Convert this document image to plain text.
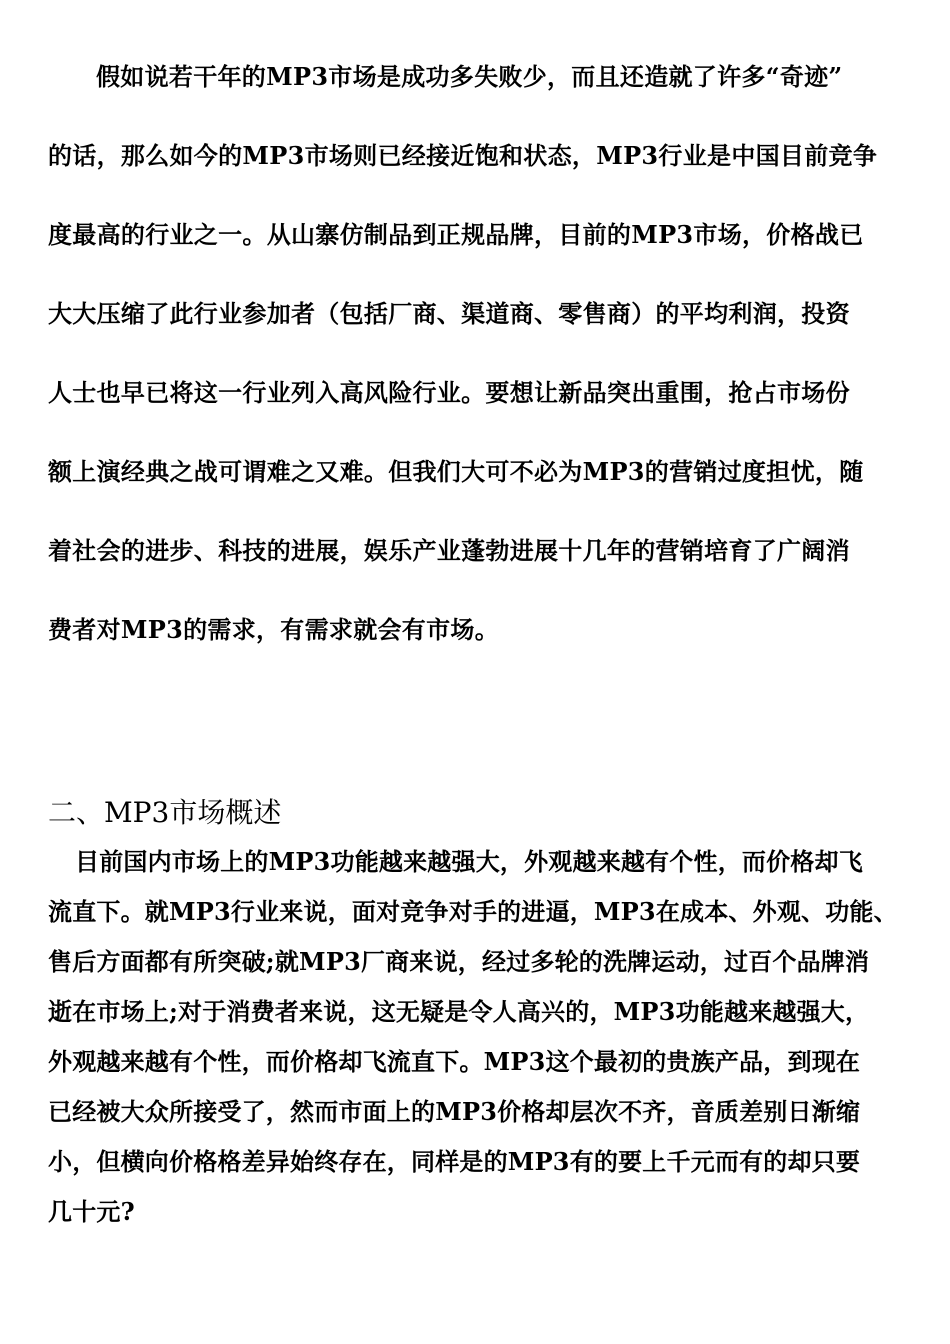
假如说若干年的MP3市场是成功多失败少，而且还造就了许多“奇迹”
的话，那么如今的MP3市场则已经接近饱和状态，MP3行业是中国目前竞争
度最高的行业之一。从山寨仿制品到正规品牌，目前的MP3市场，价格战已
大大压缩了此行业参加者（包括厂商、渠道商、零售商）的平均利润，投资
人士也早已将这一行业列入高风险行业。要想让新品突出重围，抢占市场份
额上演经典之战可谓难之又难。但我们大可不必为MP3的营销过度担忧，随
着社会的进步、科技的进展，娱乐产业蓬勃进展十几年的营销培育了广阔消
费者对MP3的需求，有需求就会有市场。
二、MP3市场概述
目前国内市场上的MP3功能越来越强大，外观越来越有个性，而价格却飞
流直下。就MP3行业来说，面对竞争对手的进逼，MP3在成本、外观、功能、
售后方面都有所突破;就MP3厂商来说，经过多轮的洗牌运动，过百个品牌消
逝在市场上;对于消费者来说，这无疑是令人高兴的，MP3功能越来越强大，
外观越来越有个性，而价格却飞流直下。MP3这个最初的贵族产品，到现在
已经被大众所接受了，然而市面上的MP3价格却层次不齐，音质差别日渐缩
小，但横向价格格差异始终存在，同样是的MP3有的要上千元而有的却只要
几十元?
